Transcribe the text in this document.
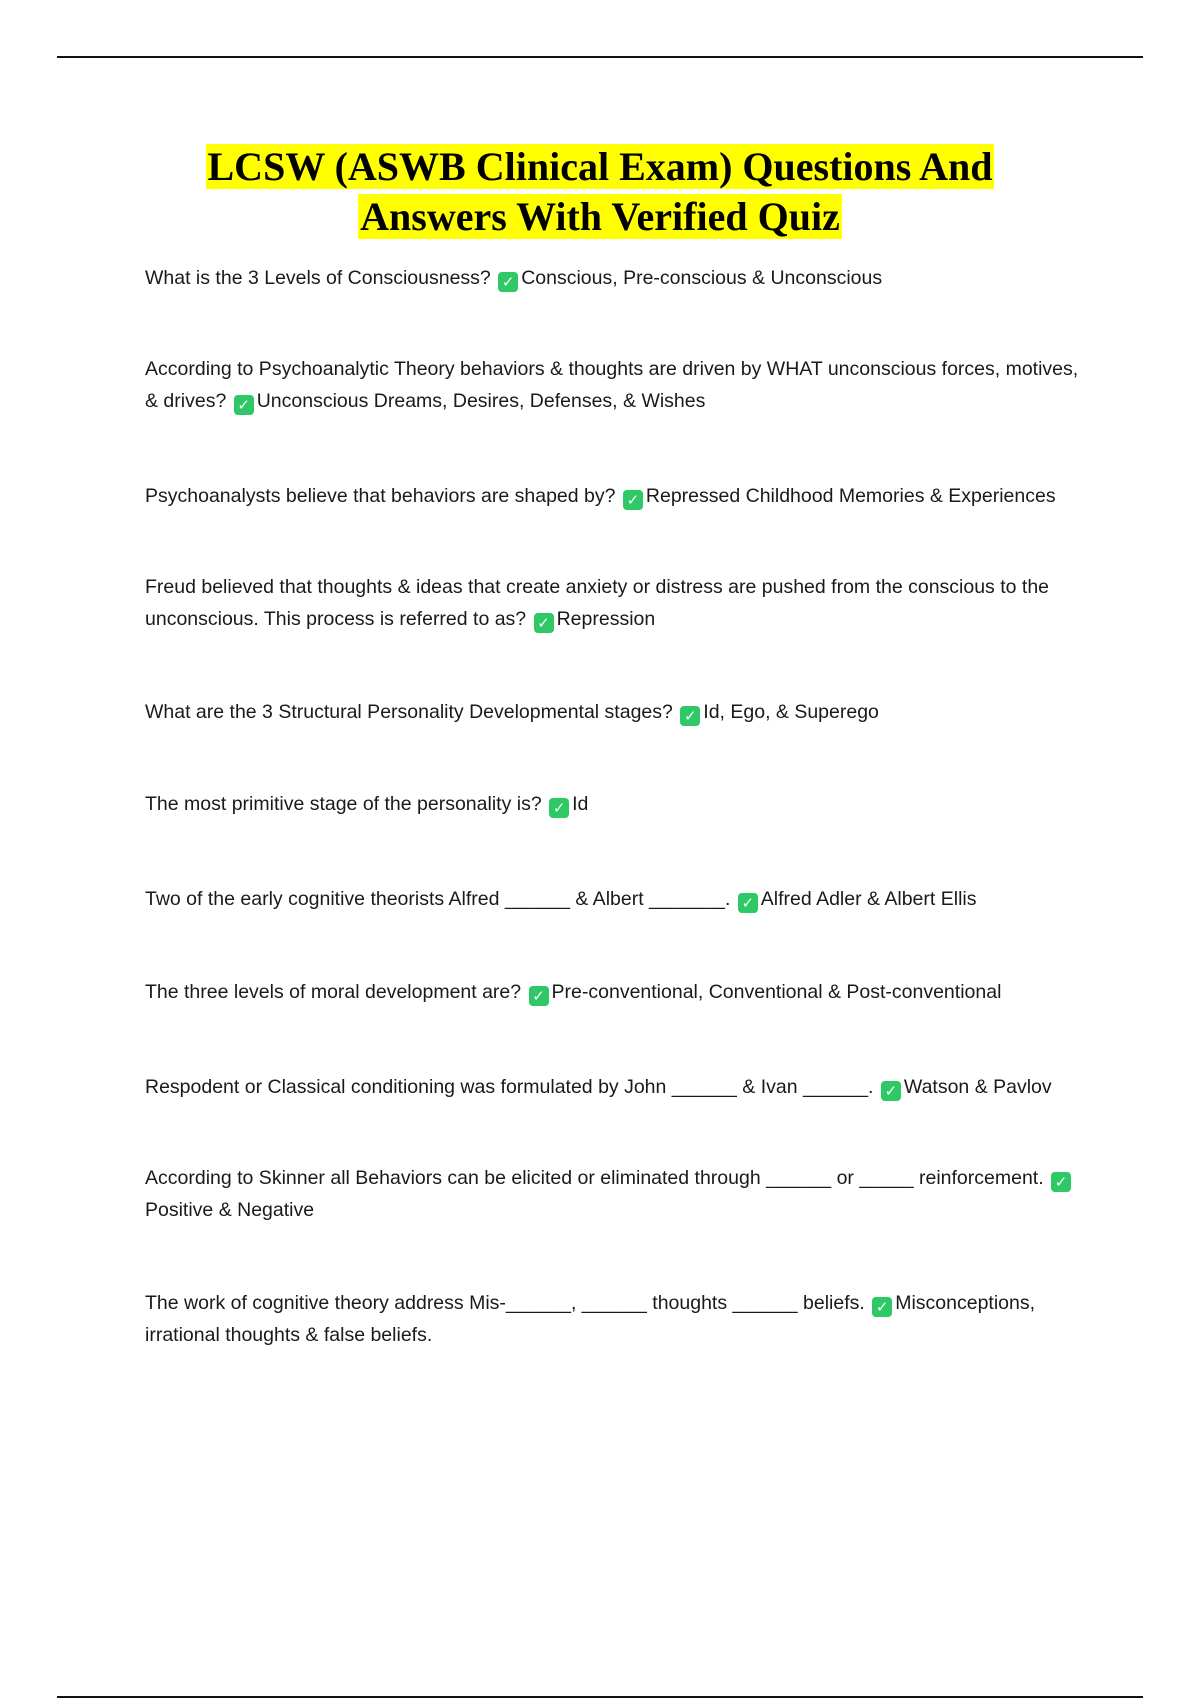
LCSW (ASWB Clinical Exam) Questions And
Answers With Verified Quiz

What is the 3 Levels of Consciousness? ✓ Conscious, Pre-conscious & Unconscious

According to Psychoanalytic Theory behaviors & thoughts are driven by WHAT unconscious forces, motives, & drives? ✓ Unconscious Dreams, Desires, Defenses, & Wishes

Psychoanalysts believe that behaviors are shaped by? ✓ Repressed Childhood Memories & Experiences

Freud believed that thoughts & ideas that create anxiety or distress are pushed from the conscious to the unconscious. This process is referred to as? ✓ Repression

What are the 3 Structural Personality Developmental stages? ✓ Id, Ego, & Superego

The most primitive stage of the personality is? ✓ Id

Two of the early cognitive theorists Alfred ______ & Albert _______. ✓ Alfred Adler & Albert Ellis

The three levels of moral development are? ✓ Pre-conventional, Conventional & Post-conventional

Respodent or Classical conditioning was formulated by John ______ & Ivan ______. ✓ Watson & Pavlov

According to Skinner all Behaviors can be elicited or eliminated through ______ or _____ reinforcement. ✓Positive & Negative

The work of cognitive theory address Mis-______, ______ thoughts ______ beliefs. ✓ Misconceptions, irrational thoughts & false beliefs.
